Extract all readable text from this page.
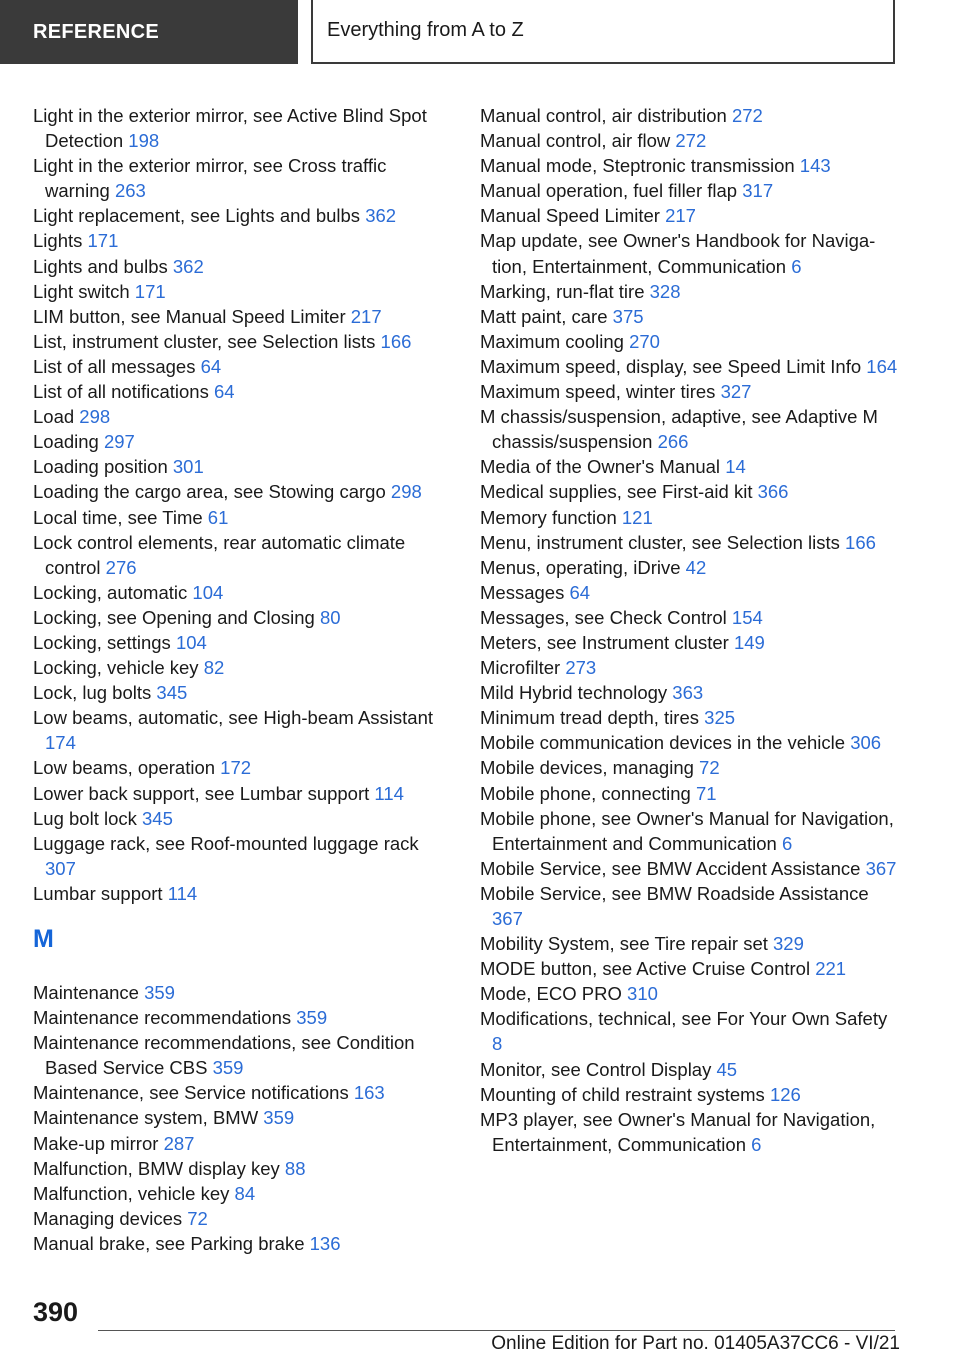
REFERENCE	Everything from A to Z
Light in the exterior mirror, see Active Blind Spot Detection 198
Light in the exterior mirror, see Cross traffic warning 263
Light replacement, see Lights and bulbs 362
Lights 171
Lights and bulbs 362
Light switch 171
LIM button, see Manual Speed Limiter 217
List, instrument cluster, see Selection lists 166
List of all messages 64
List of all notifications 64
Load 298
Loading 297
Loading position 301
Loading the cargo area, see Stowing cargo 298
Local time, see Time 61
Lock control elements, rear automatic climate control 276
Locking, automatic 104
Locking, see Opening and Closing 80
Locking, settings 104
Locking, vehicle key 82
Lock, lug bolts 345
Low beams, automatic, see High-beam Assistant 174
Low beams, operation 172
Lower back support, see Lumbar support 114
Lug bolt lock 345
Luggage rack, see Roof-mounted luggage rack 307
Lumbar support 114
M
Maintenance 359
Maintenance recommendations 359
Maintenance recommendations, see Condition Based Service CBS 359
Maintenance, see Service notifications 163
Maintenance system, BMW 359
Make-up mirror 287
Malfunction, BMW display key 88
Malfunction, vehicle key 84
Managing devices 72
Manual brake, see Parking brake 136
Manual control, air distribution 272
Manual control, air flow 272
Manual mode, Steptronic transmission 143
Manual operation, fuel filler flap 317
Manual Speed Limiter 217
Map update, see Owner's Handbook for Navigation, Entertainment, Communication 6
Marking, run-flat tire 328
Matt paint, care 375
Maximum cooling 270
Maximum speed, display, see Speed Limit Info 164
Maximum speed, winter tires 327
M chassis/suspension, adaptive, see Adaptive M chassis/suspension 266
Media of the Owner's Manual 14
Medical supplies, see First-aid kit 366
Memory function 121
Menu, instrument cluster, see Selection lists 166
Menus, operating, iDrive 42
Messages 64
Messages, see Check Control 154
Meters, see Instrument cluster 149
Microfilter 273
Mild Hybrid technology 363
Minimum tread depth, tires 325
Mobile communication devices in the vehicle 306
Mobile devices, managing 72
Mobile phone, connecting 71
Mobile phone, see Owner's Manual for Navigation, Entertainment and Communication 6
Mobile Service, see BMW Accident Assistance 367
Mobile Service, see BMW Roadside Assistance 367
Mobility System, see Tire repair set 329
MODE button, see Active Cruise Control 221
Mode, ECO PRO 310
Modifications, technical, see For Your Own Safety 8
Monitor, see Control Display 45
Mounting of child restraint systems 126
MP3 player, see Owner's Manual for Navigation, Entertainment, Communication 6
390
Online Edition for Part no. 01405A37CC6 - VI/21
